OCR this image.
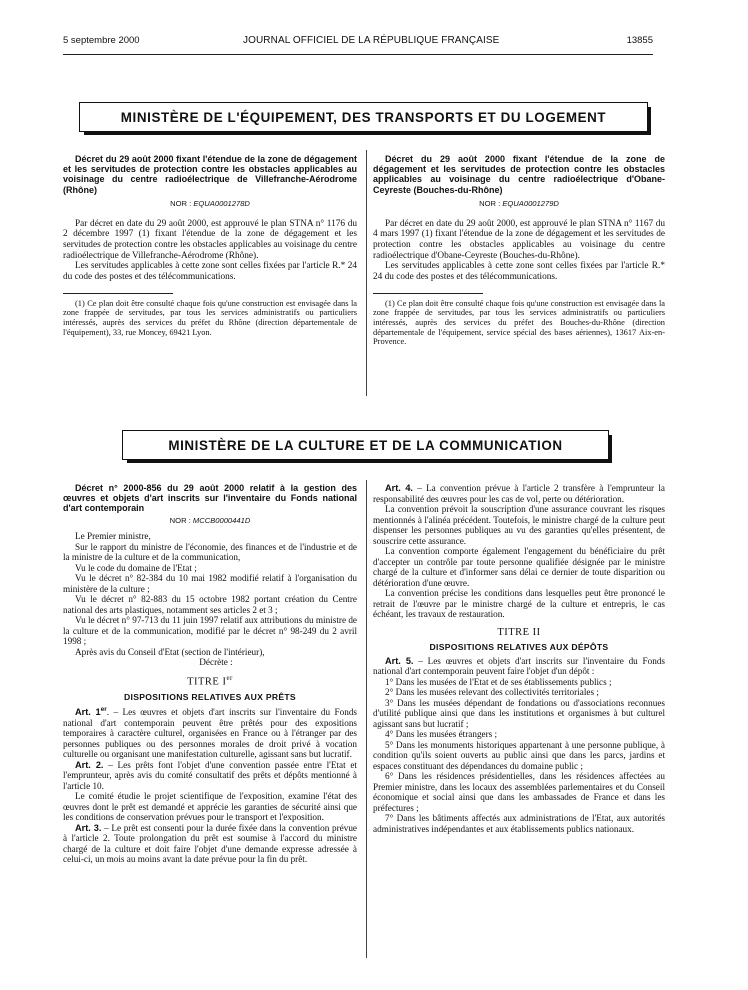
5 septembre 2000	JOURNAL OFFICIEL DE LA RÉPUBLIQUE FRANÇAISE	13855
MINISTÈRE DE L'ÉQUIPEMENT, DES TRANSPORTS ET DU LOGEMENT

Décret du 29 août 2000 fixant l'étendue de la zone de dégagement et les servitudes de protection contre les obstacles applicables au voisinage du centre radioélectrique de Villefranche-Aérodrome (Rhône)

NOR : EQUA0001278D

Par décret en date du 29 août 2000, est approuvé le plan STNA n° 1176 du 2 décembre 1997 (1) fixant l'étendue de la zone de dégagement et les servitudes de protection contre les obstacles applicables au voisinage du centre radioélectrique de Villefranche-Aérodrome (Rhône).

Les servitudes applicables à cette zone sont celles fixées par l'article R.* 24 du code des postes et des télécommunications.

(1) Ce plan doit être consulté chaque fois qu'une construction est envisagée dans la zone frappée de servitudes, par tous les services administratifs ou particuliers intéressés, auprès des services du préfet du Rhône (direction départementale de l'équipement), 33, rue Moncey, 69421 Lyon.

Décret du 29 août 2000 fixant l'étendue de la zone de dégagement et les servitudes de protection contre les obstacles applicables au voisinage du centre radioélectrique d'Obane-Ceyreste (Bouches-du-Rhône)

NOR : EQUA0001279D

Par décret en date du 29 août 2000, est approuvé le plan STNA n° 1167 du 4 mars 1997 (1) fixant l'étendue de la zone de dégagement et les servitudes de protection contre les obstacles applicables au voisinage du centre radioélectrique d'Obane-Ceyreste (Bouches-du-Rhône).

Les servitudes applicables à cette zone sont celles fixées par l'article R.* 24 du code des postes et des télécommunications.

(1) Ce plan doit être consulté chaque fois qu'une construction est envisagée dans la zone frappée de servitudes, par tous les services administratifs ou particuliers intéressés, auprès des services du préfet des Bouches-du-Rhône (direction départementale de l'équipement, service spécial des bases aériennes), 13617 Aix-en-Provence.

MINISTÈRE DE LA CULTURE ET DE LA COMMUNICATION

Décret n° 2000-856 du 29 août 2000 relatif à la gestion des œuvres et objets d'art inscrits sur l'inventaire du Fonds national d'art contemporain

NOR : MCCB0000441D

Le Premier ministre,

Sur le rapport du ministre de l'économie, des finances et de l'industrie et de la ministre de la culture et de la communication,

Vu le code du domaine de l'Etat ;

Vu le décret n° 82-384 du 10 mai 1982 modifié relatif à l'organisation du ministère de la culture ;

Vu le décret n° 82-883 du 15 octobre 1982 portant création du Centre national des arts plastiques, notamment ses articles 2 et 3 ;

Vu le décret n° 97-713 du 11 juin 1997 relatif aux attributions du ministre de la culture et de la communication, modifié par le décret n° 98-249 du 2 avril 1998 ;

Après avis du Conseil d'Etat (section de l'intérieur),

Décrète :

TITRE Ier
DISPOSITIONS RELATIVES AUX PRÊTS

Art. 1er. – Les œuvres et objets d'art inscrits sur l'inventaire du Fonds national d'art contemporain peuvent être prêtés pour des expositions temporaires à caractère culturel, organisées en France ou à l'étranger par des personnes publiques ou des personnes morales de droit privé à vocation culturelle ou organisant une manifestation culturelle, agissant sans but lucratif.

Art. 2. – Les prêts font l'objet d'une convention passée entre l'Etat et l'emprunteur, après avis du comité consultatif des prêts et dépôts mentionné à l'article 10.

Le comité étudie le projet scientifique de l'exposition, examine l'état des œuvres dont le prêt est demandé et apprécie les garanties de sécurité ainsi que les conditions de conservation prévues pour le transport et l'exposition.

Art. 3. – Le prêt est consenti pour la durée fixée dans la convention prévue à l'article 2. Toute prolongation du prêt est soumise à l'accord du ministre chargé de la culture et doit faire l'objet d'une demande expresse adressée à celui-ci, un mois au moins avant la date prévue pour la fin du prêt.

Art. 4. – La convention prévue à l'article 2 transfère à l'emprunteur la responsabilité des œuvres pour les cas de vol, perte ou détérioration.

La convention prévoit la souscription d'une assurance couvrant les risques mentionnés à l'alinéa précédent. Toutefois, le ministre chargé de la culture peut dispenser les personnes publiques au vu des garanties qu'elles présentent, de souscrire cette assurance.

La convention comporte également l'engagement du bénéficiaire du prêt d'accepter un contrôle par toute personne qualifiée désignée par le ministre chargé de la culture et d'informer sans délai ce dernier de toute disparition ou détérioration d'une œuvre.

La convention précise les conditions dans lesquelles peut être prononcé le retrait de l'œuvre par le ministre chargé de la culture et entrepris, le cas échéant, les travaux de restauration.

TITRE II
DISPOSITIONS RELATIVES AUX DÉPÔTS

Art. 5. – Les œuvres et objets d'art inscrits sur l'inventaire du Fonds national d'art contemporain peuvent faire l'objet d'un dépôt :

1° Dans les musées de l'Etat et de ses établissements publics ;

2° Dans les musées relevant des collectivités territoriales ;

3° Dans les musées dépendant de fondations ou d'associations reconnues d'utilité publique ainsi que dans les institutions et organismes à but culturel agissant sans but lucratif ;

4° Dans les musées étrangers ;

5° Dans les monuments historiques appartenant à une personne publique, à condition qu'ils soient ouverts au public ainsi que dans les parcs, jardins et espaces constituant des dépendances du domaine public ;

6° Dans les résidences présidentielles, dans les résidences affectées au Premier ministre, dans les locaux des assemblées parlementaires et du Conseil économique et social ainsi que dans les ambassades de France et dans les préfectures ;

7° Dans les bâtiments affectés aux administrations de l'Etat, aux autorités administratives indépendantes et aux établissements publics nationaux.
